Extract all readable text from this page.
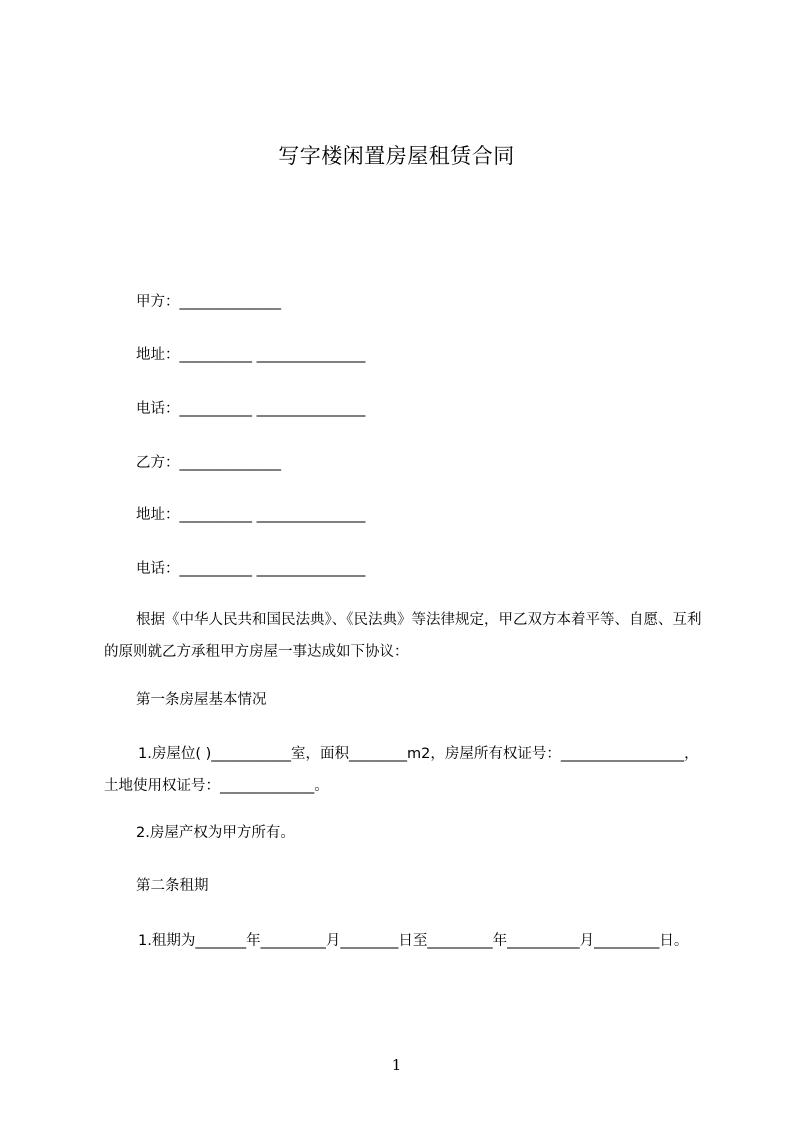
写字楼闲置房屋租赁合同
甲方：______________
地址：__________ _______________
电话：__________ _______________
乙方：______________
地址：__________ _______________
电话：__________ _______________
根据《中华人民共和国民法典》、《民法典》等法律规定，甲乙双方本着平等、自愿、互利的原则就乙方承租甲方房屋一事达成如下协议：
第一条房屋基本情况
1.房屋位( )___________室，面积________m2，房屋所有权证号：_________________，土地使用权证号：_____________。
2.房屋产权为甲方所有。
第二条租期
1.租期为_______年_________月________日至_________年__________月_________日。
1
